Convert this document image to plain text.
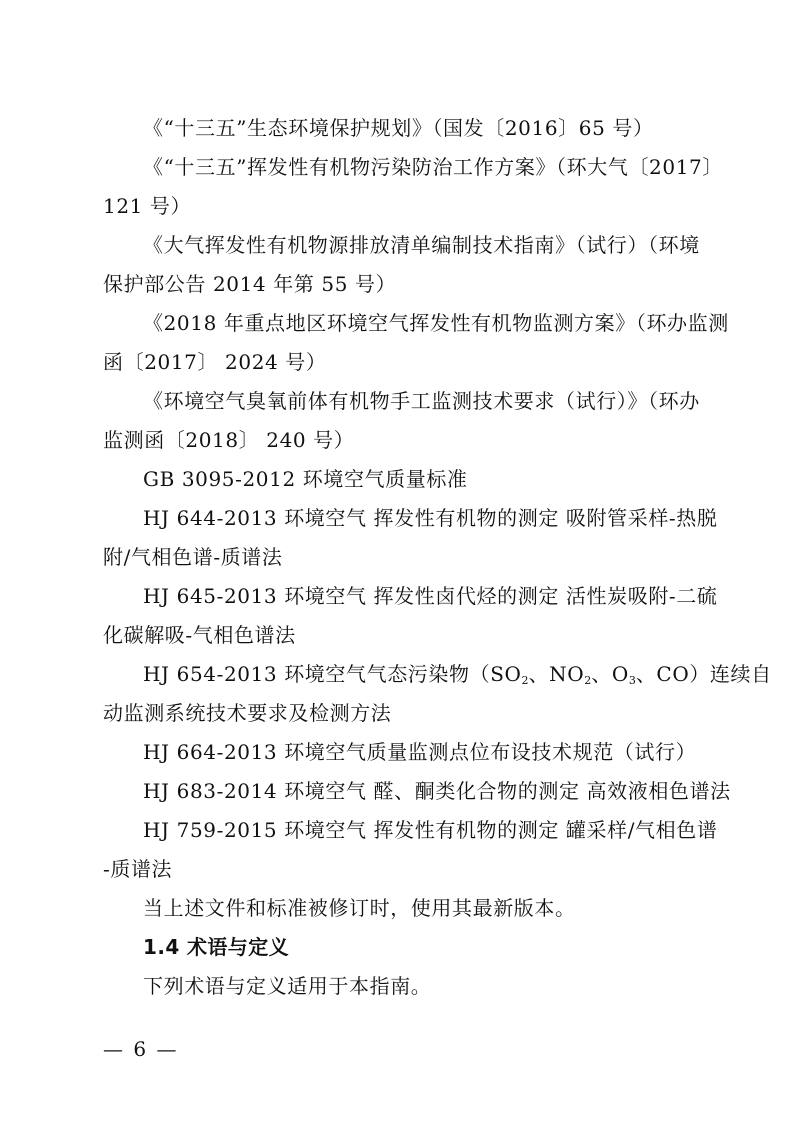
《“十三五”生态环境保护规划》（国发〔2016〕65 号）
《“十三五”挥发性有机物污染防治工作方案》（环大气〔2017〕
121 号）
《大气挥发性有机物源排放清单编制技术指南》（试行）（环境
保护部公告 2014 年第 55 号）
《2018 年重点地区环境空气挥发性有机物监测方案》（环办监测
函〔2017〕 2024 号）
《环境空气臭氧前体有机物手工监测技术要求（试行）》（环办
监测函〔2018〕 240 号）
GB 3095-2012 环境空气质量标准
HJ 644-2013 环境空气 挥发性有机物的测定 吸附管采样-热脱
附/气相色谱-质谱法
HJ 645-2013 环境空气 挥发性卤代烃的测定 活性炭吸附-二硫
化碳解吸-气相色谱法
HJ 654-2013 环境空气气态污染物（$SO_2$、$NO_2$、$O_3$、CO）连续自
动监测系统技术要求及检测方法
HJ 664-2013 环境空气质量监测点位布设技术规范（试行）
HJ 683-2014 环境空气 醛、酮类化合物的测定 高效液相色谱法
HJ 759-2015 环境空气 挥发性有机物的测定 罐采样/气相色谱
-质谱法
当上述文件和标准被修订时，使用其最新版本。
1.4 术语与定义
下列术语与定义适用于本指南。
— 6 —
